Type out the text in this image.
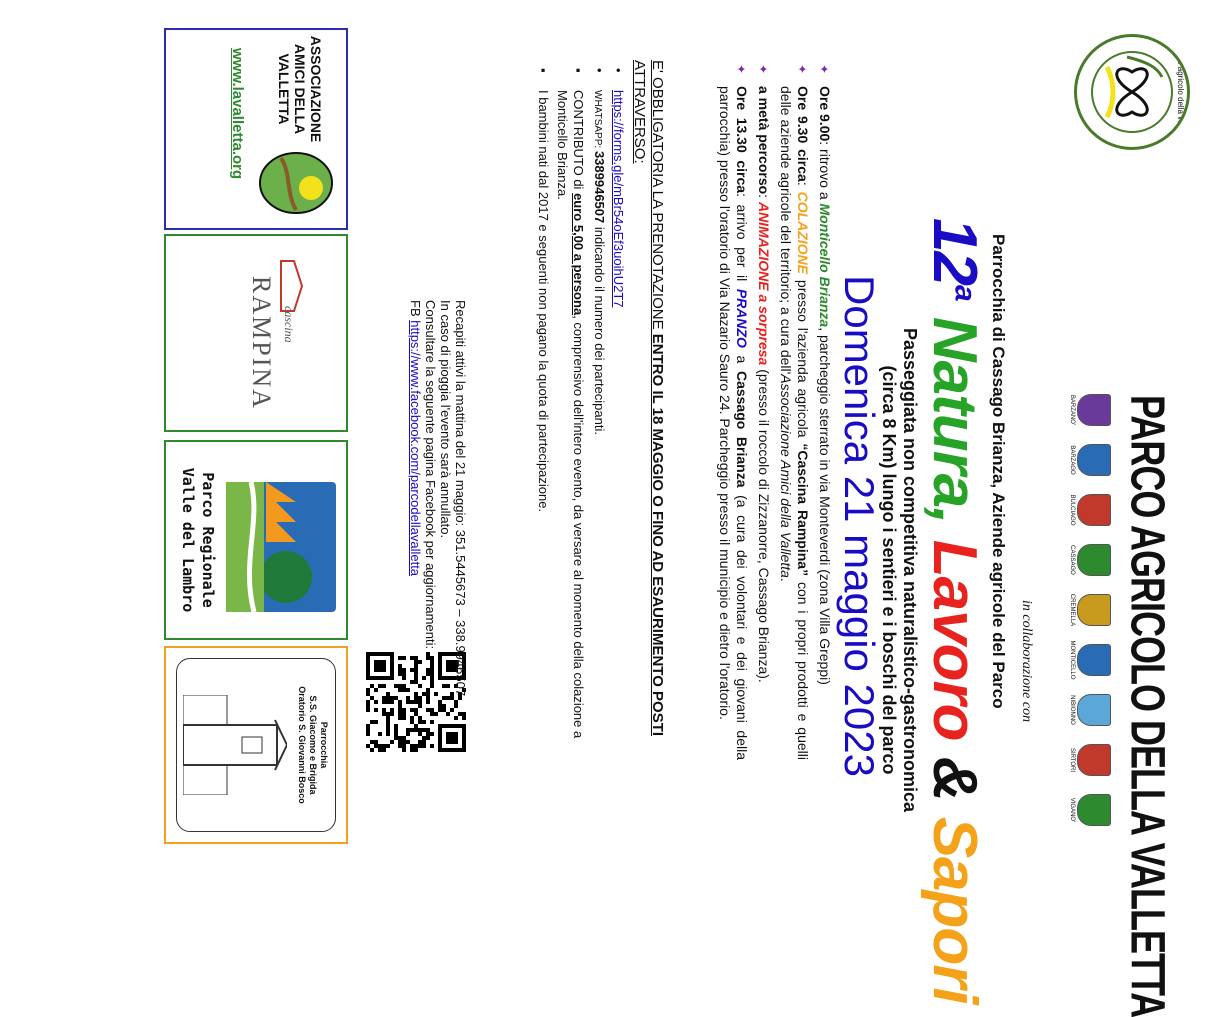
parco agricolo della valletta
PARCO AGRICOLO DELLA VALLETTA
BARZANO'
BARZAGO
BULCIAGO
CASSAGO
CREMELLA
MONTICELLO
NIBIONNO
SIRTORI
VIGANO'
in collaborazione con
Parrocchia di Cassago Brianza, Aziende agricole del Parco
12$^a$ Natura, Lavoro & Sapori
Passeggiata non competitiva naturalistico-gastronomica
(circa 8 Km) lungo i sentieri e i boschi del parco
Domenica 21 maggio 2023
✦
Ore 9.00: ritrovo a Monticello Brianza, parcheggio sterrato in via Monteverdi (zona Villa Greppi)
✦
Ore 9.30 circa: COLAZIONE presso l'azienda agricola “Cascina Rampina” con i propri prodotti e quelli delle aziende agricole del territorio; a cura dell'Associazione Amici della Valletta.
✦
a metà percorso: ANIMAZIONE a sorpresa (presso il roccolo di Zizzanorre, Cassago Brianza).
✦
Ore 13.30 circa: arrivo per il PRANZO a Cassago Brianza (a cura dei volontari e dei giovani della parrocchia) presso l'oratorio di Via Nazario Sauro 24. Parcheggio presso il municipio e dietro l'oratorio.
E' OBBLIGATORIA LA PRENOTAZIONE ENTRO IL 18 MAGGIO O FINO AD ESAURIMENTO POSTI ATTRAVERSO:
•
https://forms.gle/mBr54oEf3uoihU2T7
•
WHATSAPP: 3389946507 indicando il numero dei partecipanti.
▪
CONTRIBUTO di euro 5,00 a persona, comprensivo dell'intero evento, da versare al momento della colazione a Monticello Brianza.
▪
I bambini nati dal 2017 e seguenti non pagano la quota di partecipazione.
Recapiti attivi la mattina del 21 maggio: 351.5445673 – 338.9946507
In caso di pioggia l'evento sarà annullato.
Consultare la seguente pagina Facebook per aggiornamenti:
FB https://www.facebook.com/parcodellavalletta
ASSOCIAZIONE
AMICI DELLA
VALLETTA
www.lavalletta.org
cascina
RAMPINA
Parco Regionale
Valle del Lambro
Parrocchia
S.S. Giacomo e Brigida
Oratorio S. Giovanni Bosco
